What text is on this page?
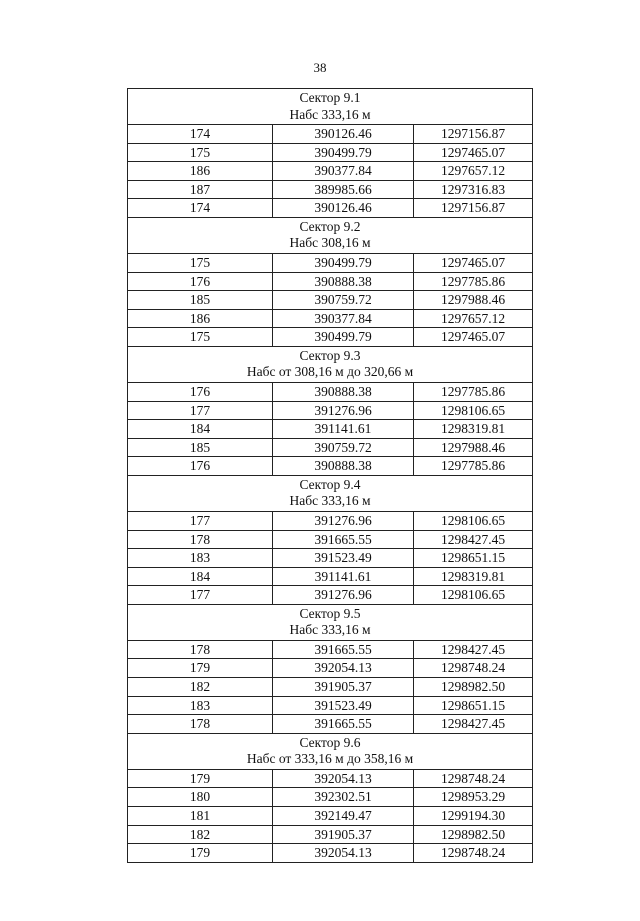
38
Сектор 9.1
Набс 333,16 м
174	390126.46	1297156.87
175	390499.79	1297465.07
186	390377.84	1297657.12
187	389985.66	1297316.83
174	390126.46	1297156.87
Сектор 9.2
Набс 308,16 м
175	390499.79	1297465.07
176	390888.38	1297785.86
185	390759.72	1297988.46
186	390377.84	1297657.12
175	390499.79	1297465.07
Сектор 9.3
Набс от 308,16 м до 320,66 м
176	390888.38	1297785.86
177	391276.96	1298106.65
184	391141.61	1298319.81
185	390759.72	1297988.46
176	390888.38	1297785.86
Сектор 9.4
Набс 333,16 м
177	391276.96	1298106.65
178	391665.55	1298427.45
183	391523.49	1298651.15
184	391141.61	1298319.81
177	391276.96	1298106.65
Сектор 9.5
Набс 333,16 м
178	391665.55	1298427.45
179	392054.13	1298748.24
182	391905.37	1298982.50
183	391523.49	1298651.15
178	391665.55	1298427.45
Сектор 9.6
Набс от 333,16 м до 358,16 м
179	392054.13	1298748.24
180	392302.51	1298953.29
181	392149.47	1299194.30
182	391905.37	1298982.50
179	392054.13	1298748.24
